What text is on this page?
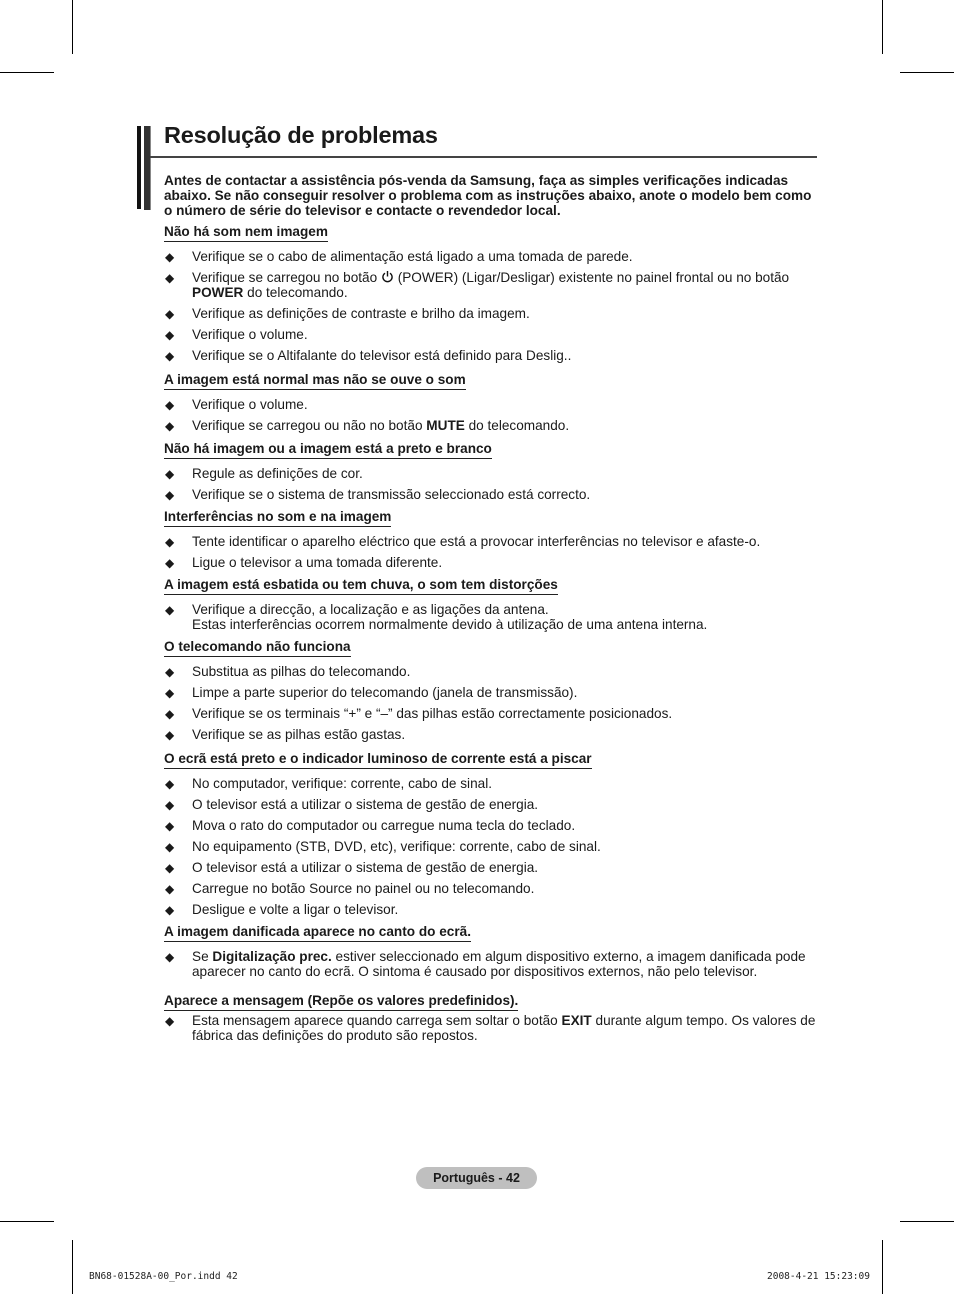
Resolução de problemas
Antes de contactar a assistência pós-venda da Samsung, faça as simples verificações indicadas abaixo. Se não conseguir resolver o problema com as instruções abaixo, anote o modelo bem como o número de série do televisor e contacte o revendedor local.
Não há som nem imagem
◆ Verifique se o cabo de alimentação está ligado a uma tomada de parede.
◆ Verifique se carregou no botão  (POWER) (Ligar/Desligar) existente no painel frontal ou no botão POWER do telecomando.
◆ Verifique as definições de contraste e brilho da imagem.
◆ Verifique o volume.
◆ Verifique se o Altifalante do televisor está definido para Deslig..
A imagem está normal mas não se ouve o som
◆ Verifique o volume.
◆ Verifique se carregou ou não no botão MUTE do telecomando.
Não há imagem ou a imagem está a preto e branco
◆ Regule as definições de cor.
◆ Verifique se o sistema de transmissão seleccionado está correcto.
Interferências no som e na imagem
◆ Tente identificar o aparelho eléctrico que está a provocar interferências no televisor e afaste-o.
◆ Ligue o televisor a uma tomada diferente.
A imagem está esbatida ou tem chuva, o som tem distorções
◆ Verifique a direcção, a localização e as ligações da antena.
Estas interferências ocorrem normalmente devido à utilização de uma antena interna.
O telecomando não funciona
◆ Substitua as pilhas do telecomando.
◆ Limpe a parte superior do telecomando (janela de transmissão).
◆ Verifique se os terminais “+” e “–” das pilhas estão correctamente posicionados.
◆ Verifique se as pilhas estão gastas.
O ecrã está preto e o indicador luminoso de corrente está a piscar
◆ No computador, verifique: corrente, cabo de sinal.
◆ O televisor está a utilizar o sistema de gestão de energia.
◆ Mova o rato do computador ou carregue numa tecla do teclado.
◆ No equipamento (STB, DVD, etc), verifique: corrente, cabo de sinal.
◆ O televisor está a utilizar o sistema de gestão de energia.
◆ Carregue no botão Source no painel ou no telecomando.
◆ Desligue e volte a ligar o televisor.
A imagem danificada aparece no canto do ecrã.
◆ Se Digitalização prec. estiver seleccionado em algum dispositivo externo, a imagem danificada pode aparecer no canto do ecrã. O sintoma é causado por dispositivos externos, não pelo televisor.
Aparece a mensagem (Repõe os valores predefinidos).
◆ Esta mensagem aparece quando carrega sem soltar o botão EXIT durante algum tempo. Os valores de fábrica das definições do produto são repostos.
Português - 42
BN68-01528A-00_Por.indd 42	2008-4-21 15:23:09
